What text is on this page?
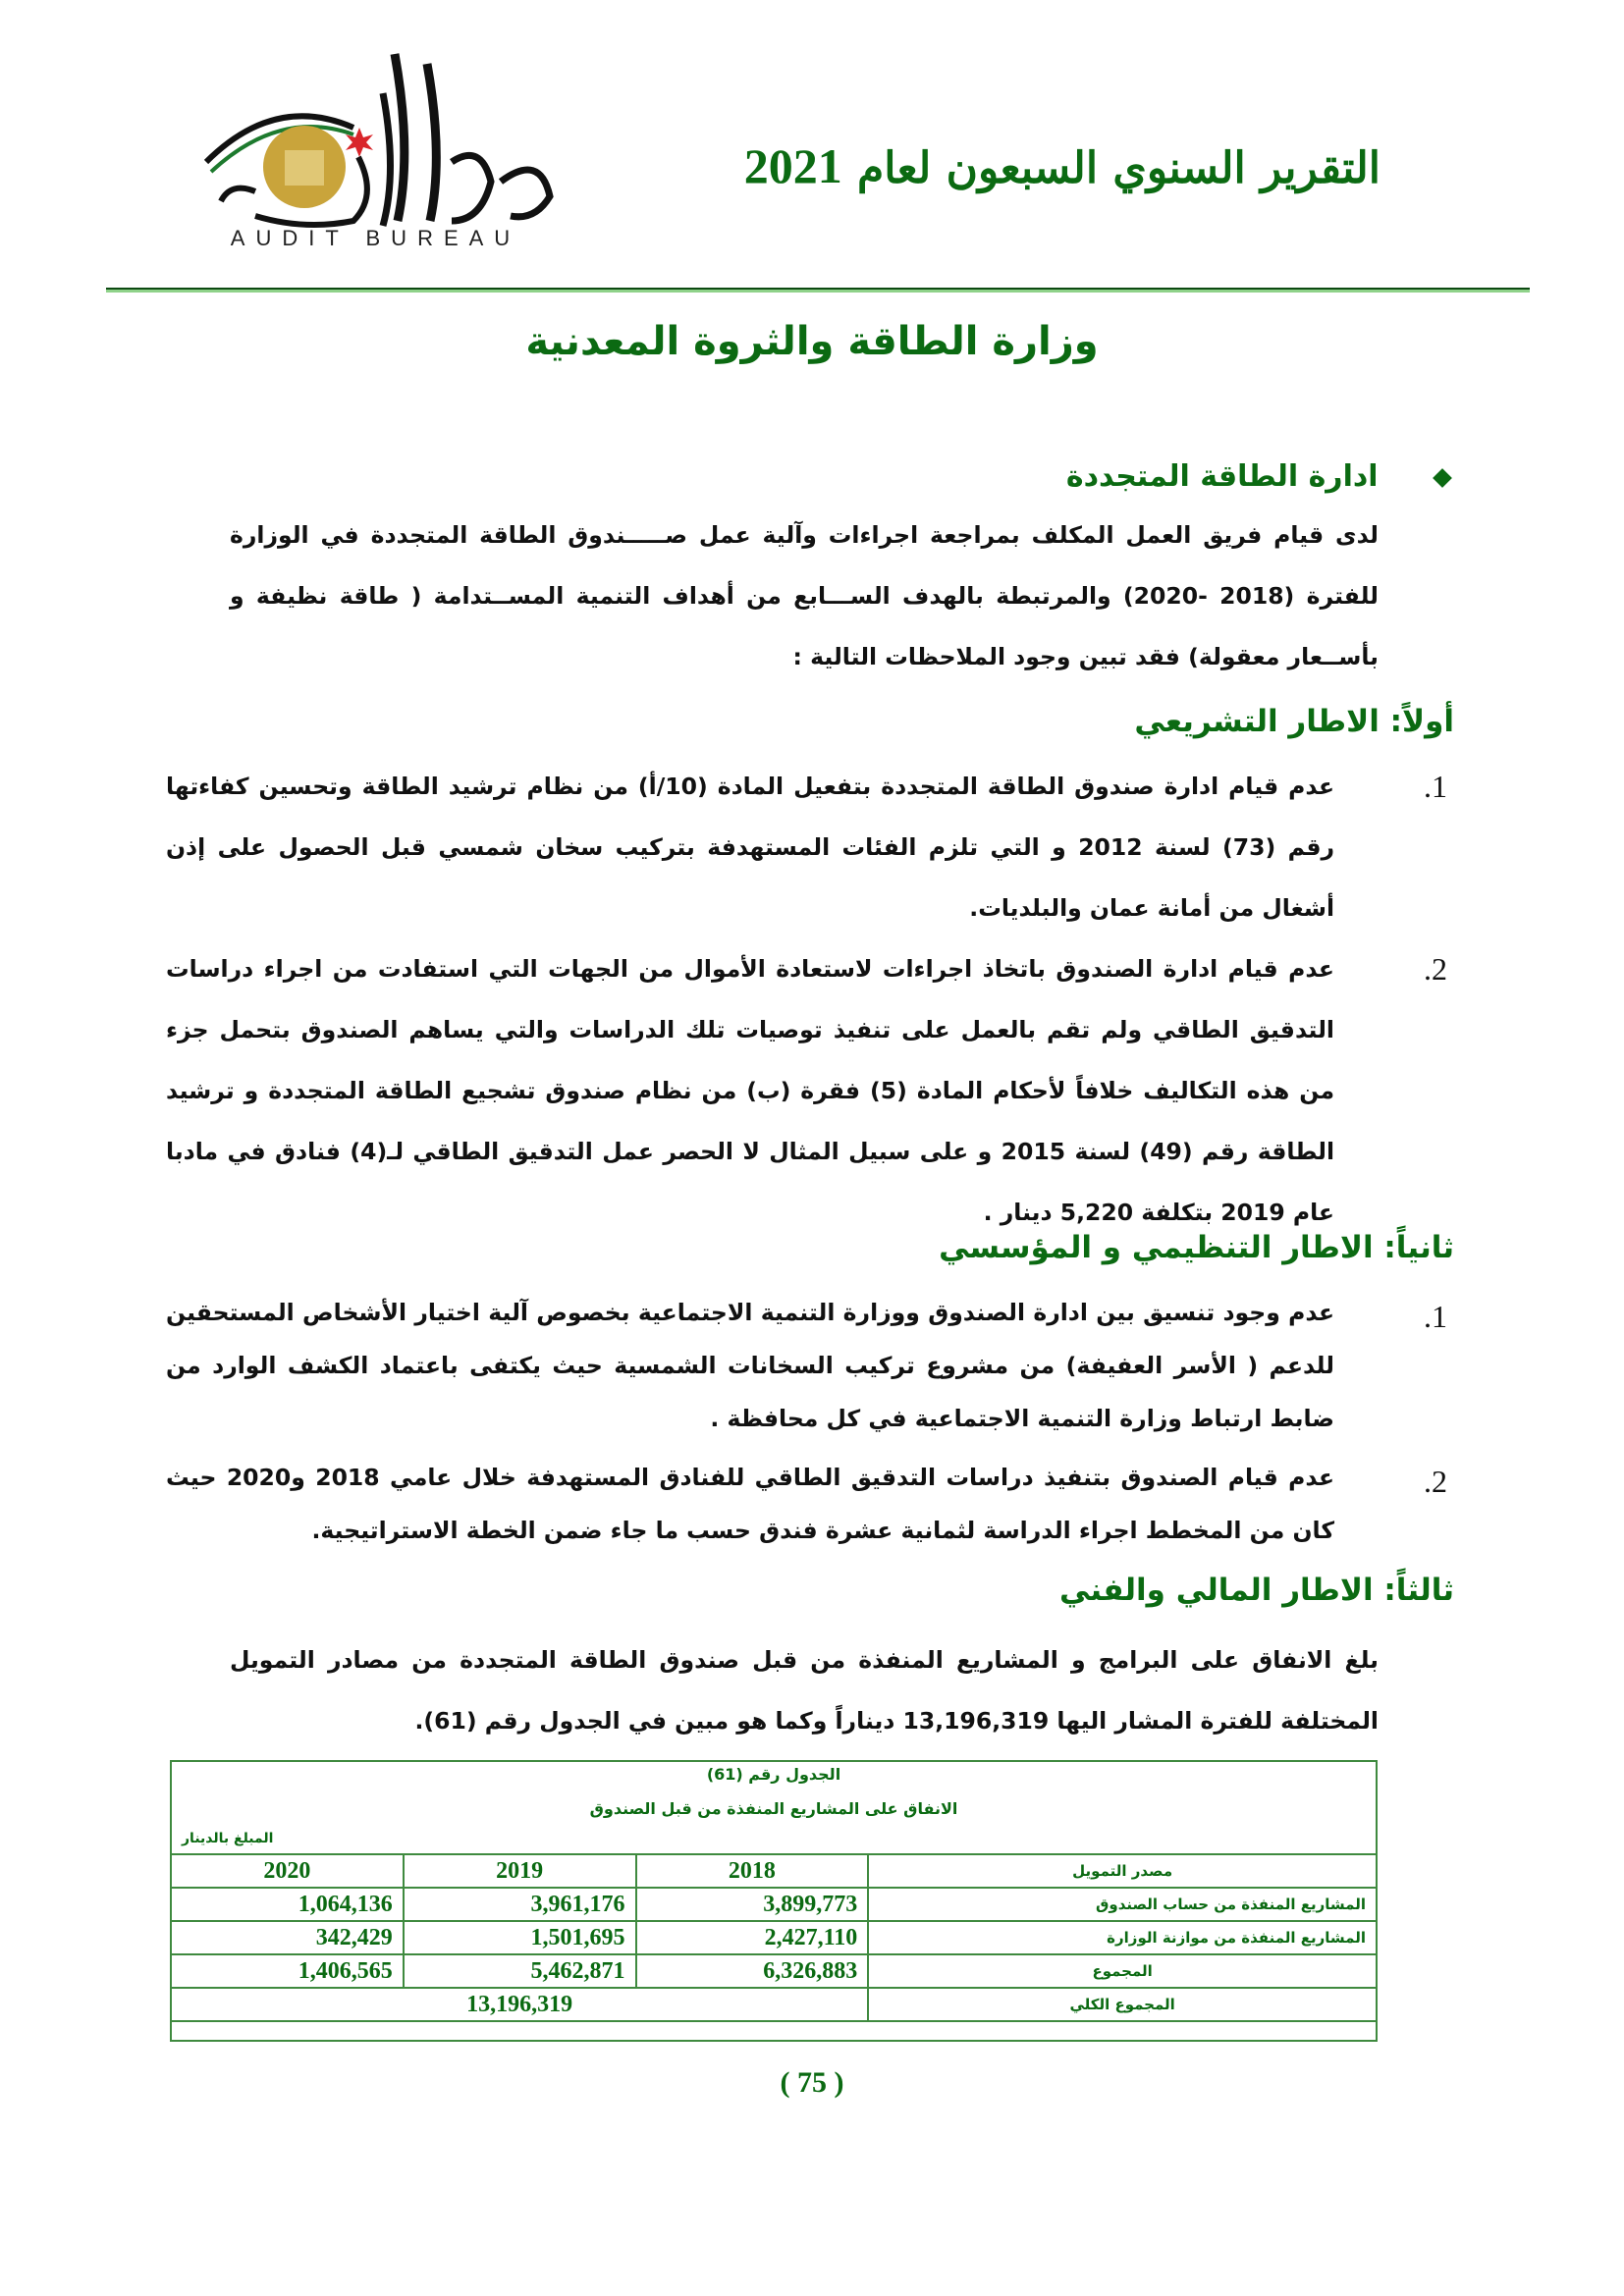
AUDIT BUREAU
التقرير السنوي السبعون لعام 2021
وزارة الطاقة والثروة المعدنية
ادارة الطاقة المتجددة
لدى قيام فريق العمل المكلف بمراجعة اجراءات وآلية عمل صـــــندوق الطاقة المتجددة في الوزارة للفترة (2018 -2020) والمرتبطة بالهدف الســـابع من أهداف التنمية المســتدامة ( طاقة نظيفة و بأســعار معقولة) فقد تبين وجود الملاحظات التالية :
أولاً: الاطار التشريعي
1.
عدم قيام ادارة صندوق الطاقة المتجددة بتفعيل المادة (10/أ) من نظام ترشيد الطاقة وتحسين كفاءتها رقم (73) لسنة 2012 و التي تلزم الفئات المستهدفة بتركيب سخان شمسي قبل الحصول على إذن أشغال من أمانة عمان والبلديات.
2.
عدم قيام ادارة الصندوق باتخاذ اجراءات لاستعادة الأموال من الجهات التي استفادت من اجراء دراسات التدقيق الطاقي ولم تقم بالعمل على تنفيذ توصيات تلك الدراسات والتي يساهم الصندوق بتحمل جزء من هذه التكاليف خلافاً لأحكام المادة (5) فقرة (ب) من نظام صندوق تشجيع الطاقة المتجددة و ترشيد الطاقة رقم (49) لسنة 2015 و على سبيل المثال لا الحصر عمل التدقيق الطاقي لـ(4) فنادق في مادبا عام 2019 بتكلفة 5,220 دينار .
ثانياً: الاطار التنظيمي و المؤسسي
1.
عدم وجود تنسيق بين ادارة الصندوق ووزارة التنمية الاجتماعية بخصوص آلية اختيار الأشخاص المستحقين للدعم ( الأسر العفيفة) من مشروع تركيب السخانات الشمسية حيث يكتفى باعتماد الكشف الوارد من ضابط ارتباط وزارة التنمية الاجتماعية في كل محافظة .
2.
عدم قيام الصندوق بتنفيذ دراسات التدقيق الطاقي للفنادق المستهدفة خلال عامي 2018 و2020 حيث كان من المخطط اجراء الدراسة لثمانية عشرة فندق حسب ما جاء ضمن الخطة الاستراتيجية.
ثالثاً: الاطار المالي والفني
بلغ الانفاق على البرامج و المشاريع المنفذة من قبل صندوق الطاقة المتجددة من مصادر التمويل المختلفة للفترة المشار اليها 13,196,319 ديناراً وكما هو مبين في الجدول رقم (61).
الجدول رقم (61)
الانفاق على المشاريع المنفذة من قبل الصندوق
المبلغ بالدينار
2020	2019	2018	مصدر التمويل
1,064,136	3,961,176	3,899,773	المشاريع المنفذة من حساب الصندوق
342,429	1,501,695	2,427,110	المشاريع المنفذة من موازنة الوزارة
1,406,565	5,462,871	6,326,883	المجموع
13,196,319			المجموع الكلي
( 75 )
